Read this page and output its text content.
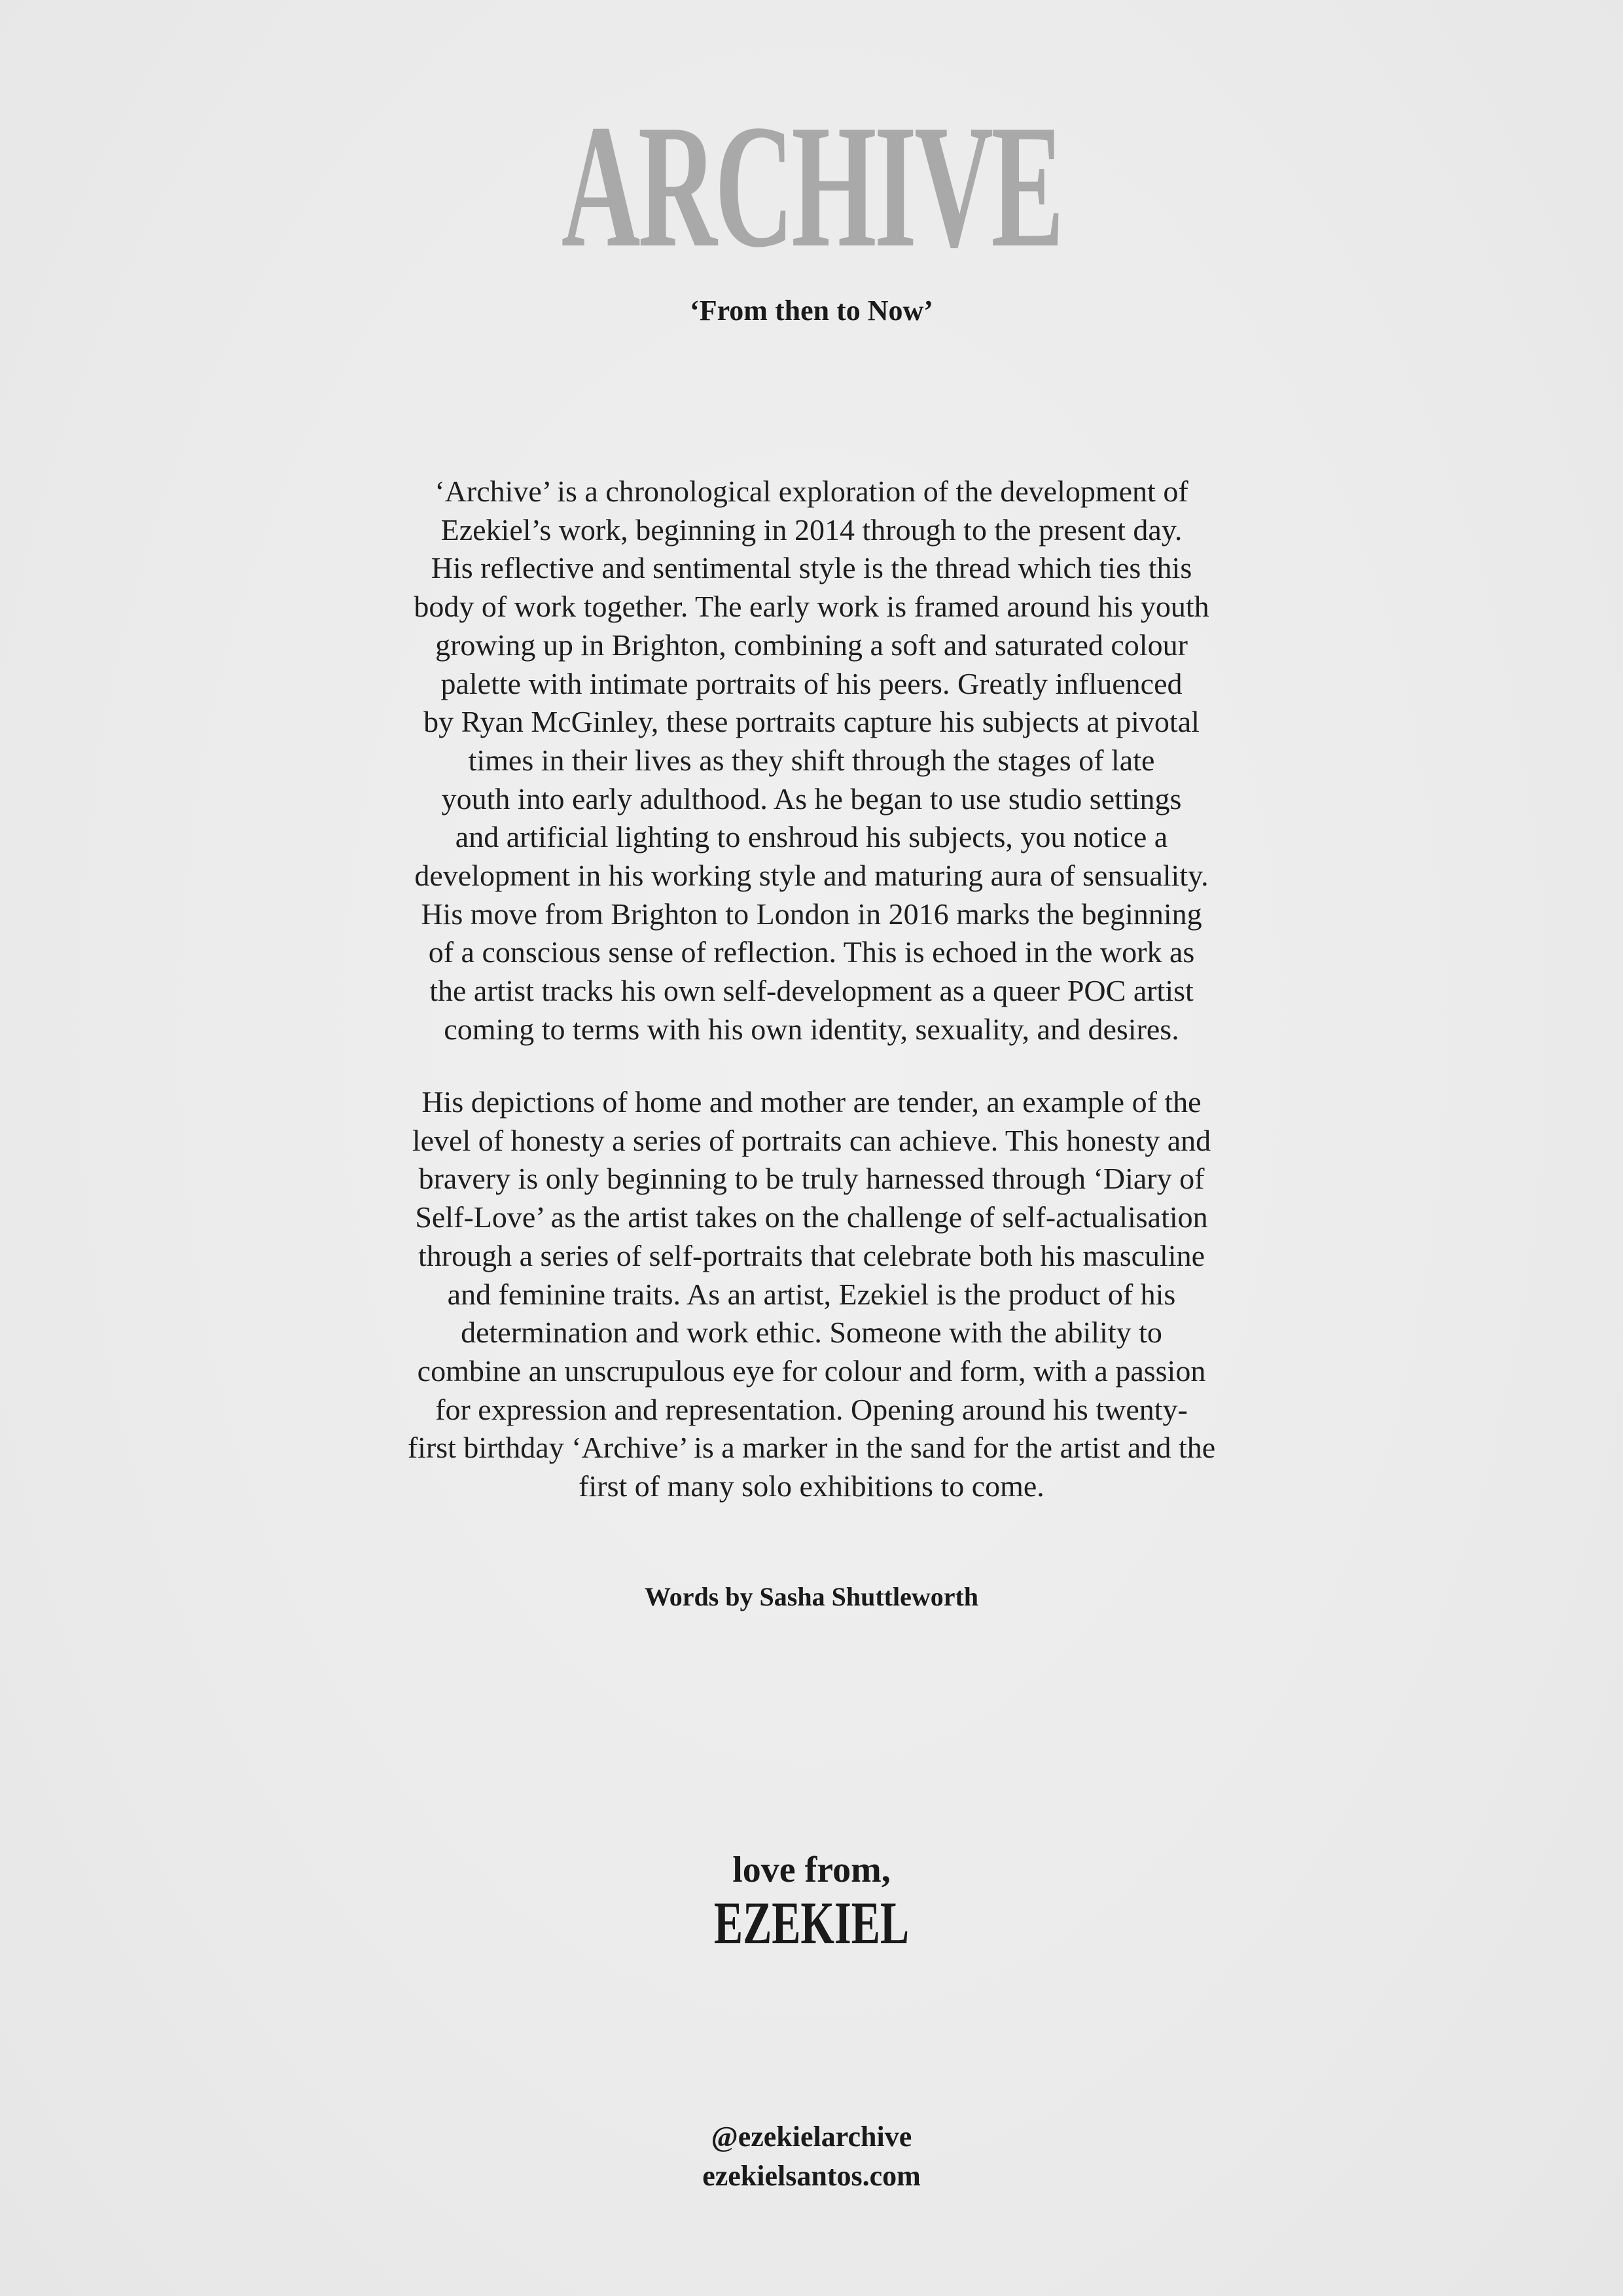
ARCHIVE
‘From then to Now’
‘Archive’ is a chronological exploration of the development of
Ezekiel’s work, beginning in 2014 through to the present day.
His reflective and sentimental style is the thread which ties this
body of work together. The early work is framed around his youth
growing up in Brighton, combining a soft and saturated colour
palette with intimate portraits of his peers. Greatly influenced
by Ryan McGinley, these portraits capture his subjects at pivotal
times in their lives as they shift through the stages of late
youth into early adulthood. As he began to use studio settings
and artificial lighting to enshroud his subjects, you notice a
development in his working style and maturing aura of sensuality.
His move from Brighton to London in 2016 marks the beginning
of a conscious sense of reflection. This is echoed in the work as
the artist tracks his own self-development as a queer POC artist
coming to terms with his own identity, sexuality, and desires.
His depictions of home and mother are tender, an example of the
level of honesty a series of portraits can achieve. This honesty and
bravery is only beginning to be truly harnessed through ‘Diary of
Self-Love’ as the artist takes on the challenge of self-actualisation
through a series of self-portraits that celebrate both his masculine
and feminine traits. As an artist, Ezekiel is the product of his
determination and work ethic. Someone with the ability to
combine an unscrupulous eye for colour and form, with a passion
for expression and representation. Opening around his twenty-
first birthday ‘Archive’ is a marker in the sand for the artist and the
first of many solo exhibitions to come.
Words by Sasha Shuttleworth
love from,
EZEKIEL
@ezekielarchive
ezekielsantos.com
